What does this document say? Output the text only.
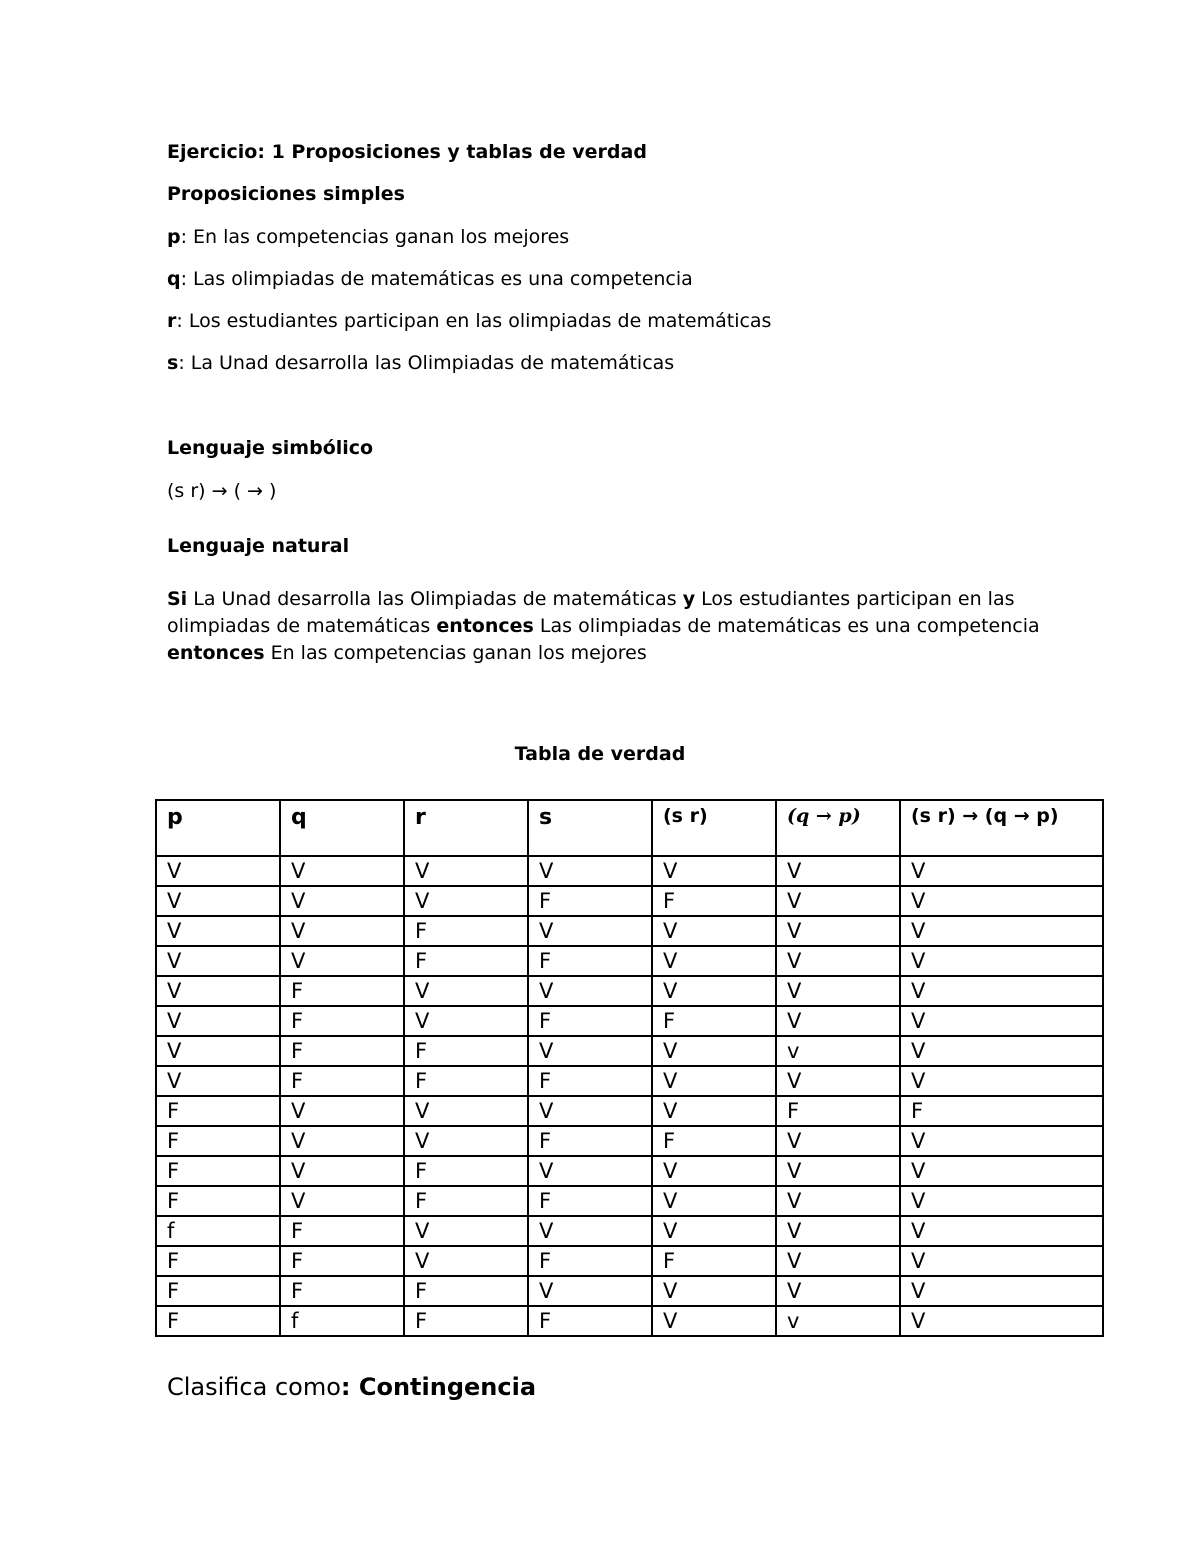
Ejercicio: 1 Proposiciones y tablas de verdad
Proposiciones simples
p: En las competencias ganan los mejores
q: Las olimpiadas de matemáticas es una competencia
r: Los estudiantes participan en las olimpiadas de matemáticas
s: La Unad desarrolla las Olimpiadas de matemáticas
Lenguaje simbólico
(s r) → ( → )
Lenguaje natural
Si La Unad desarrolla las Olimpiadas de matemáticas y Los estudiantes participan en las olimpiadas de matemáticas entonces Las olimpiadas de matemáticas es una competencia entonces En las competencias ganan los mejores
Tabla de verdad
p	q	r	s	(s r)	(q → p)	(s r) → (q → p)
V	V	V	V	V	V	V
V	V	V	F	F	V	V
V	V	F	V	V	V	V
V	V	F	F	V	V	V
V	F	V	V	V	V	V
V	F	V	F	F	V	V
V	F	F	V	V	v	V
V	F	F	F	V	V	V
F	V	V	V	V	F	F
F	V	V	F	F	V	V
F	V	F	V	V	V	V
F	V	F	F	V	V	V
f	F	V	V	V	V	V
F	F	V	F	F	V	V
F	F	F	V	V	V	V
F	f	F	F	V	v	V
Clasifica como: Contingencia
